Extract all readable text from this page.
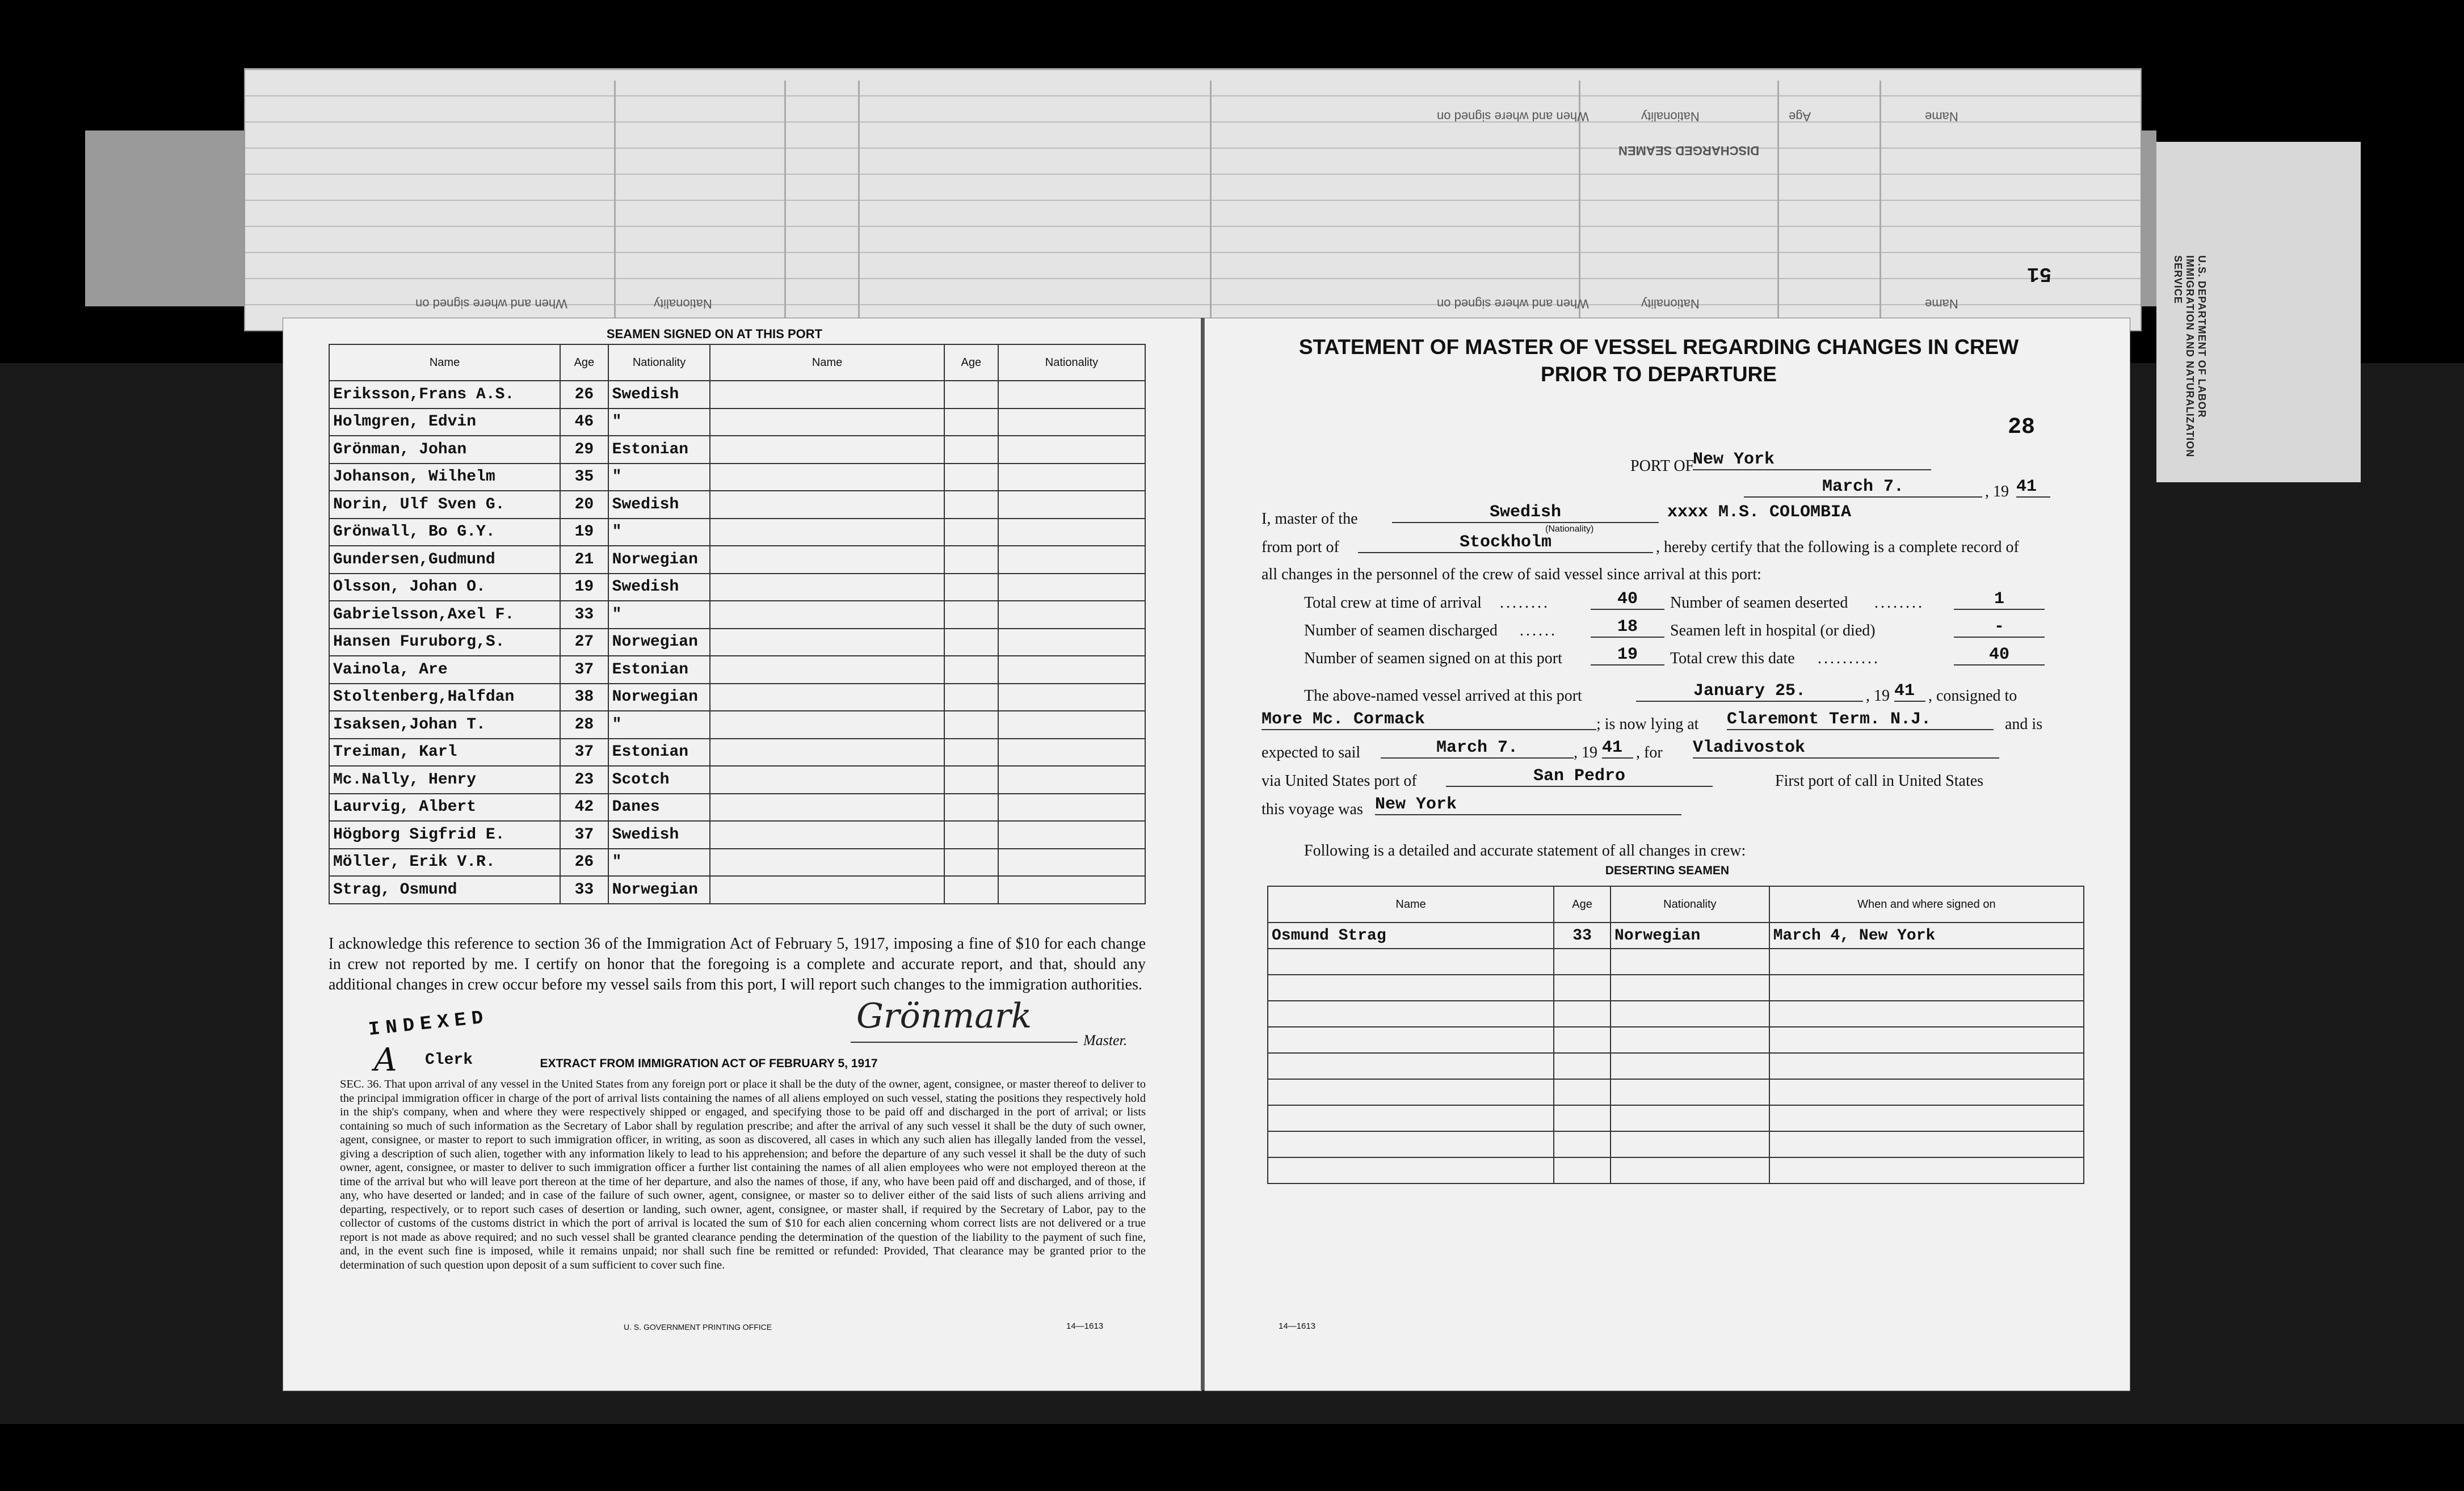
U.S. DEPARTMENT OF LABOR IMMIGRATION AND NATURALIZATION SERVICE
DISCHARGED SEAMEN
Age
Nationality	Name
When and where signed on
Name
Nationality
When and where signed on
Nationality
When and where signed on
51
SEAMEN SIGNED ON AT THIS PORT
Name	Age	Nationality	Name	Age	Nationality
Eriksson,Frans A.S.	26	Swedish			
Holmgren, Edvin	46	"			
Grönman, Johan	29	Estonian			
Johanson, Wilhelm	35	"			
Norin, Ulf Sven G.	20	Swedish			
Grönwall, Bo G.Y.	19	"			
Gundersen,Gudmund	21	Norwegian			
Olsson, Johan O.	19	Swedish			
Gabrielsson,Axel F.	33	"			
Hansen Furuborg,S.	27	Norwegian			
Vainola, Are	37	Estonian			
Stoltenberg,Halfdan	38	Norwegian			
Isaksen,Johan T.	28	"			
Treiman, Karl	37	Estonian			
Mc.Nally, Henry	23	Scotch			
Laurvig, Albert	42	Danes			
Högborg Sigfrid E.	37	Swedish			
Möller, Erik V.R.	26	"			
Strag, Osmund	33	Norwegian			
I acknowledge this reference to section 36 of the Immigration Act of February 5, 1917, imposing a fine of $10 for each change in crew not reported by me. I certify on honor that the foregoing is a complete and accurate report, and that, should any additional changes in crew occur before my vessel sails from this port, I will report such changes to the immigration authorities.
INDEXED
A Clerk
Grönmark
Master.
EXTRACT FROM IMMIGRATION ACT OF FEBRUARY 5, 1917
SEC. 36. That upon arrival of any vessel in the United States from any foreign port or place it shall be the duty of the owner, agent, consignee, or master thereof to deliver to the principal immigration officer in charge of the port of arrival lists containing the names of all aliens employed on such vessel, stating the positions they respectively hold in the ship's company, when and where they were respectively shipped or engaged, and specifying those to be paid off and discharged in the port of arrival; or lists containing so much of such information as the Secretary of Labor shall by regulation prescribe; and after the arrival of any such vessel it shall be the duty of such owner, agent, consignee, or master to report to such immigration officer, in writing, as soon as discovered, all cases in which any such alien has illegally landed from the vessel, giving a description of such alien, together with any information likely to lead to his apprehension; and before the departure of any such vessel it shall be the duty of such owner, agent, consignee, or master to deliver to such immigration officer a further list containing the names of all alien employees who were not employed thereon at the time of the arrival but who will leave port thereon at the time of her departure, and also the names of those, if any, who have been paid off and discharged, and of those, if any, who have deserted or landed; and in case of the failure of such owner, agent, consignee, or master so to deliver either of the said lists of such aliens arriving and departing, respectively, or to report such cases of desertion or landing, such owner, agent, consignee, or master shall, if required by the Secretary of Labor, pay to the collector of customs of the customs district in which the port of arrival is located the sum of $10 for each alien concerning whom correct lists are not delivered or a true report is not made as above required; and no such vessel shall be granted clearance pending the determination of the question of the liability to the payment of such fine, and, in the event such fine is imposed, while it remains unpaid; nor shall such fine be remitted or refunded: Provided, That clearance may be granted prior to the determination of such question upon deposit of a sum sufficient to cover such fine.
U. S. GOVERNMENT PRINTING OFFICE	14—1613
STATEMENT OF MASTER OF VESSEL REGARDING CHANGES IN CREW
PRIOR TO DEPARTURE
28
PORT OF
New York
March 7.	, 19 41
I, master of the	Swedish	xxxx M.S. COLOMBIA
(Nationality)
from port of	Stockholm	, hereby certify that the following is a complete record of
all changes in the personnel of the crew of said vessel since arrival at this port:
Total crew at time of arrival ........	40	Number of seamen deserted ........	1
Number of seamen discharged ......	18	Seamen left in hospital (or died)	-
Number of seamen signed on at this port	19	Total crew this date ..........	40
The above-named vessel arrived at this port	January 25.	, 19 41 , consigned to
More Mc. Cormack	; is now lying at Claremont Term. N.J.	and is
expected to sail	March 7.	, 19 41 , for Vladivostok
via United States port of	San Pedro	First port of call in United States
this voyage was New York
Following is a detailed and accurate statement of all changes in crew:
DESERTING SEAMEN
Name	Age	Nationality	When and where signed on
Osmund Strag	33	Norwegian	March 4, New York

14—1613
